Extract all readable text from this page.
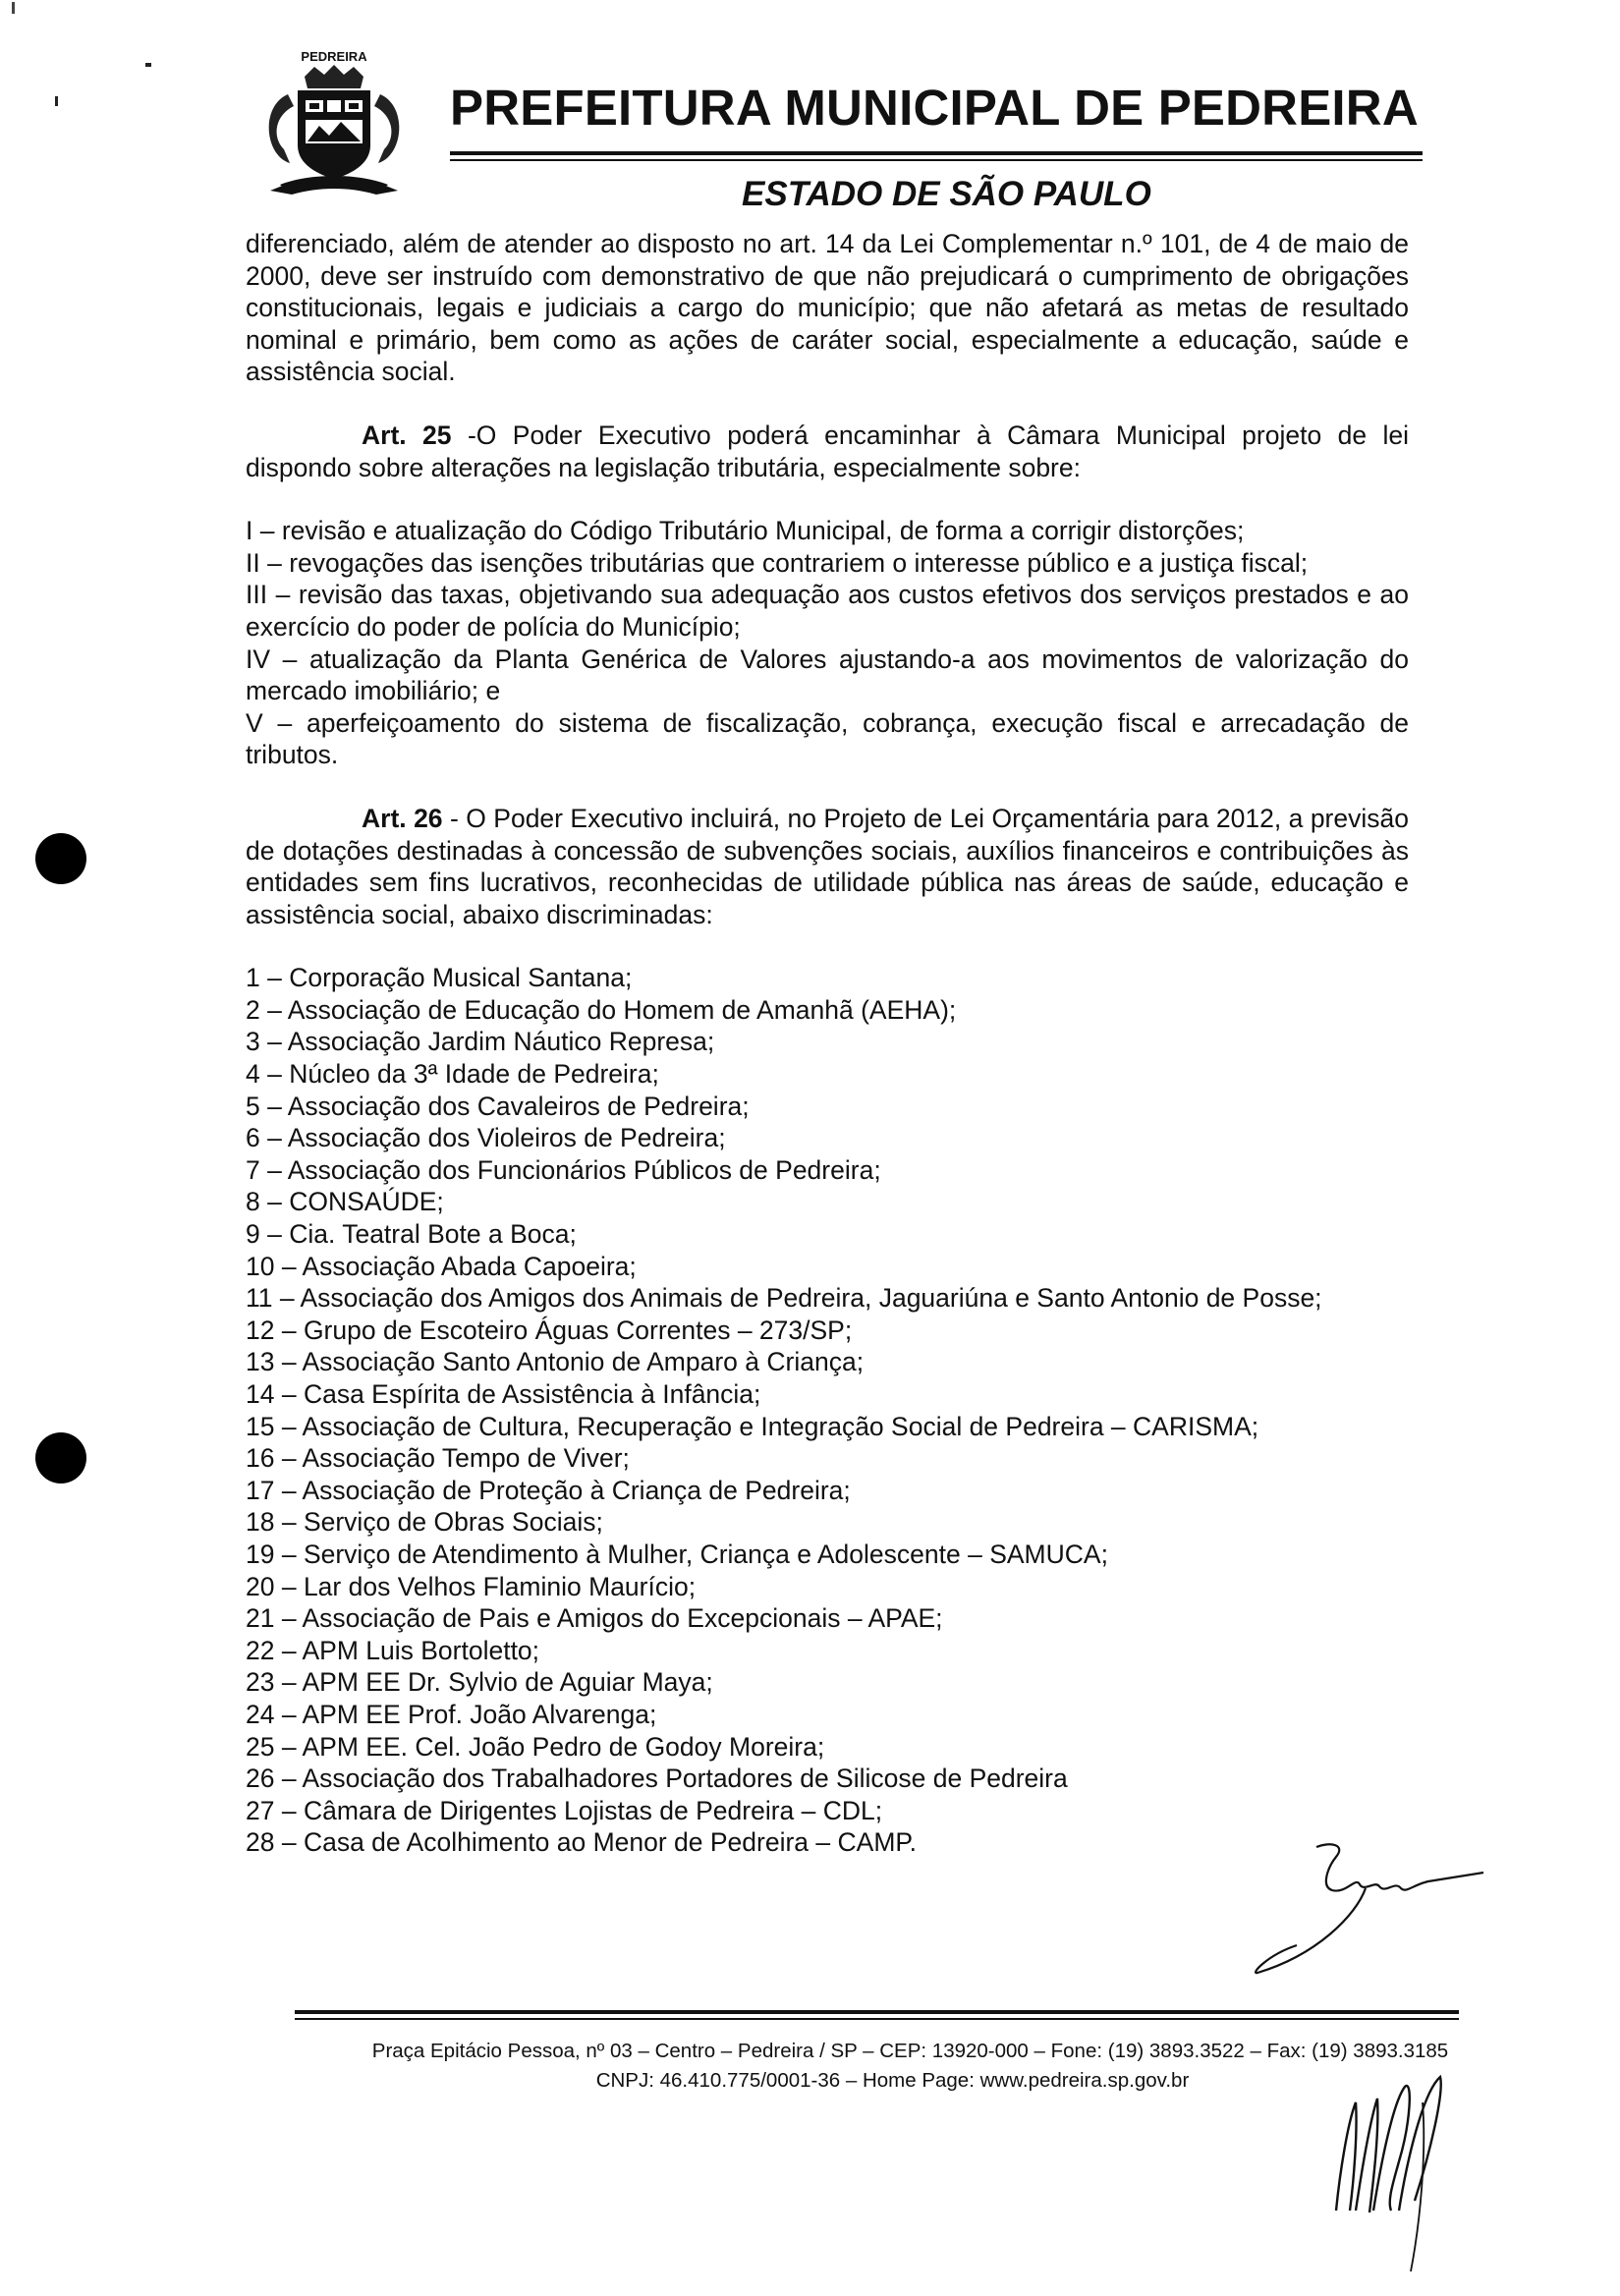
PEDREIRA
PREFEITURA MUNICIPAL DE PEDREIRA
ESTADO DE SÃO PAULO

diferenciado, além de atender ao disposto no art. 14 da Lei Complementar n.º 101, de 4 de maio de 2000, deve ser instruído com demonstrativo de que não prejudicará o cumprimento de obrigações constitucionais, legais e judiciais a cargo do município; que não afetará as metas de resultado nominal e primário, bem como as ações de caráter social, especialmente a educação, saúde e assistência social.

Art. 25 -O Poder Executivo poderá encaminhar à Câmara Municipal projeto de lei dispondo sobre alterações na legislação tributária, especialmente sobre:

I – revisão e atualização do Código Tributário Municipal, de forma a corrigir distorções;
II – revogações das isenções tributárias que contrariem o interesse público e a justiça fiscal;
III – revisão das taxas, objetivando sua adequação aos custos efetivos dos serviços prestados e ao exercício do poder de polícia do Município;
IV – atualização da Planta Genérica de Valores ajustando-a aos movimentos de valorização do mercado imobiliário; e
V – aperfeiçoamento do sistema de fiscalização, cobrança, execução fiscal e arrecadação de tributos.

Art. 26 - O Poder Executivo incluirá, no Projeto de Lei Orçamentária para 2012, a previsão de dotações destinadas à concessão de subvenções sociais, auxílios financeiros e contribuições às entidades sem fins lucrativos, reconhecidas de utilidade pública nas áreas de saúde, educação e assistência social, abaixo discriminadas:

1 – Corporação Musical Santana;
2 – Associação de Educação do Homem de Amanhã (AEHA);
3 – Associação Jardim Náutico Represa;
4 – Núcleo da 3ª Idade de Pedreira;
5 – Associação dos Cavaleiros de Pedreira;
6 – Associação dos Violeiros de Pedreira;
7 – Associação dos Funcionários Públicos de Pedreira;
8 – CONSAÚDE;
9 – Cia. Teatral Bote a Boca;
10 – Associação Abada Capoeira;
11 – Associação dos Amigos dos Animais de Pedreira, Jaguariúna e Santo Antonio de Posse;
12 – Grupo de Escoteiro Águas Correntes – 273/SP;
13 – Associação Santo Antonio de Amparo à Criança;
14 – Casa Espírita de Assistência à Infância;
15 – Associação de Cultura, Recuperação e Integração Social de Pedreira – CARISMA;
16 – Associação Tempo de Viver;
17 – Associação de Proteção à Criança de Pedreira;
18 – Serviço de Obras Sociais;
19 – Serviço de Atendimento à Mulher, Criança e Adolescente – SAMUCA;
20 – Lar dos Velhos Flaminio Maurício;
21 – Associação de Pais e Amigos do Excepcionais – APAE;
22 – APM Luis Bortoletto;
23 – APM EE Dr. Sylvio de Aguiar Maya;
24 – APM EE Prof. João Alvarenga;
25 – APM EE. Cel. João Pedro de Godoy Moreira;
26 – Associação dos Trabalhadores Portadores de Silicose de Pedreira
27 – Câmara de Dirigentes Lojistas de Pedreira – CDL;
28 – Casa de Acolhimento ao Menor de Pedreira – CAMP.
Praça Epitácio Pessoa, nº 03 – Centro – Pedreira / SP – CEP: 13920-000 – Fone: (19) 3893.3522 – Fax: (19) 3893.3185
CNPJ: 46.410.775/0001-36 – Home Page: www.pedreira.sp.gov.br
